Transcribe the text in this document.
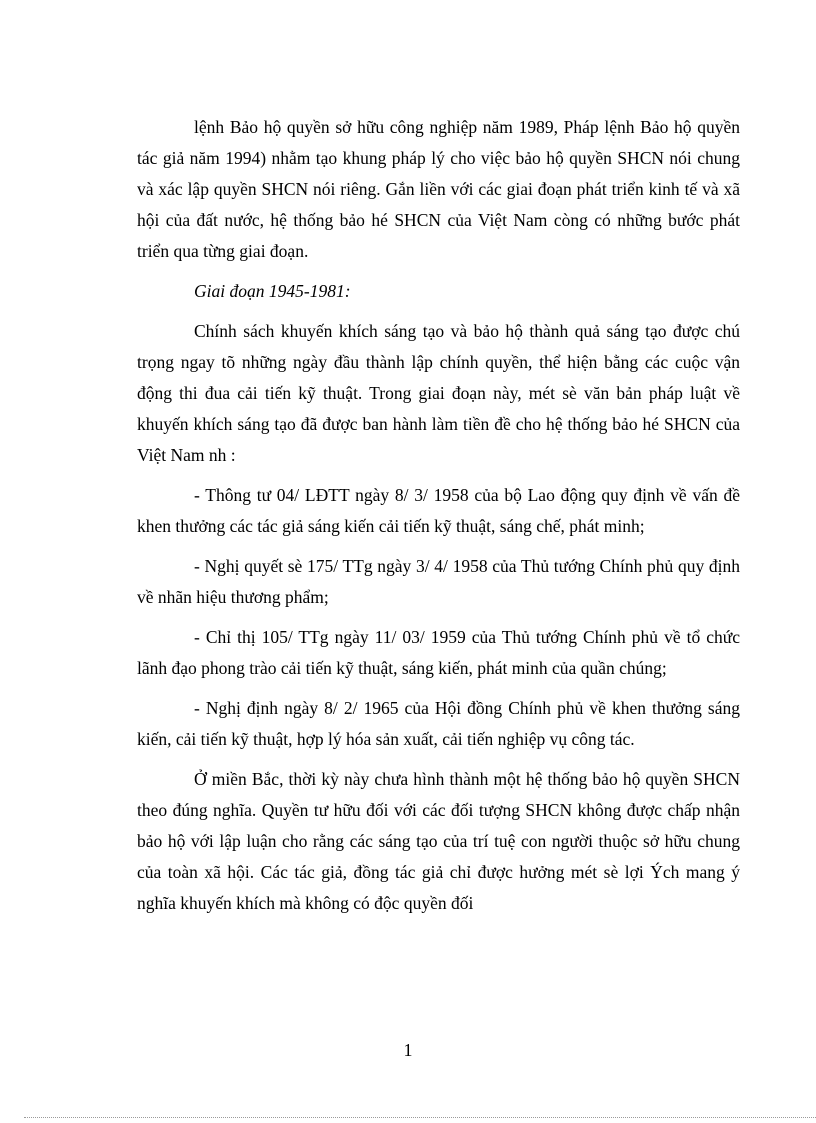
lệnh Bảo hộ quyền sở hữu công nghiệp năm 1989, Pháp lệnh Bảo hộ quyền tác giả năm 1994) nhằm tạo khung pháp lý cho việc bảo hộ quyền SHCN nói chung và xác lập quyền SHCN nói riêng. Gắn liền với các giai đoạn phát triển kinh tế và xã hội của đất nước, hệ thống bảo hé SHCN của Việt Nam còng có những bước phát triển qua từng giai đoạn.

Giai đoạn 1945-1981:

Chính sách khuyến khích sáng tạo và bảo hộ thành quả sáng tạo được chú trọng ngay tõ những ngày đầu thành lập chính quyền, thể hiện bằng các cuộc vận động thi đua cải tiến kỹ thuật. Trong giai đoạn này, mét sè văn bản pháp luật về khuyến khích sáng tạo đã được ban hành làm tiền đề cho hệ thống bảo hé SHCN của Việt Nam nh :

- Thông tư 04/ LĐTT ngày 8/ 3/ 1958 của bộ Lao động quy định về vấn đề khen thưởng các tác giả sáng kiến cải tiến kỹ thuật, sáng chế, phát minh;

- Nghị quyết sè 175/ TTg ngày 3/ 4/ 1958 của Thủ tướng Chính phủ quy định về nhãn hiệu thương phẩm;

- Chỉ thị 105/ TTg ngày 11/ 03/ 1959 của Thủ tướng Chính phủ về tổ chức lãnh đạo phong trào cải tiến kỹ thuật, sáng kiến, phát minh của quần chúng;

- Nghị định ngày 8/ 2/ 1965 của Hội đồng Chính phủ về khen thưởng sáng kiến, cải tiến kỹ thuật, hợp lý hóa sản xuất, cải tiến nghiệp vụ công tác.

Ở miền Bắc, thời kỳ này chưa hình thành một hệ thống bảo hộ quyền SHCN theo đúng nghĩa. Quyền tư hữu đối với các đối tượng SHCN không được chấp nhận bảo hộ với lập luận cho rằng các sáng tạo của trí tuệ con người thuộc sở hữu chung của toàn xã hội. Các tác giả, đồng tác giả chỉ được hưởng mét sè lợi Ých mang ý nghĩa khuyến khích mà không có độc quyền đối

1
